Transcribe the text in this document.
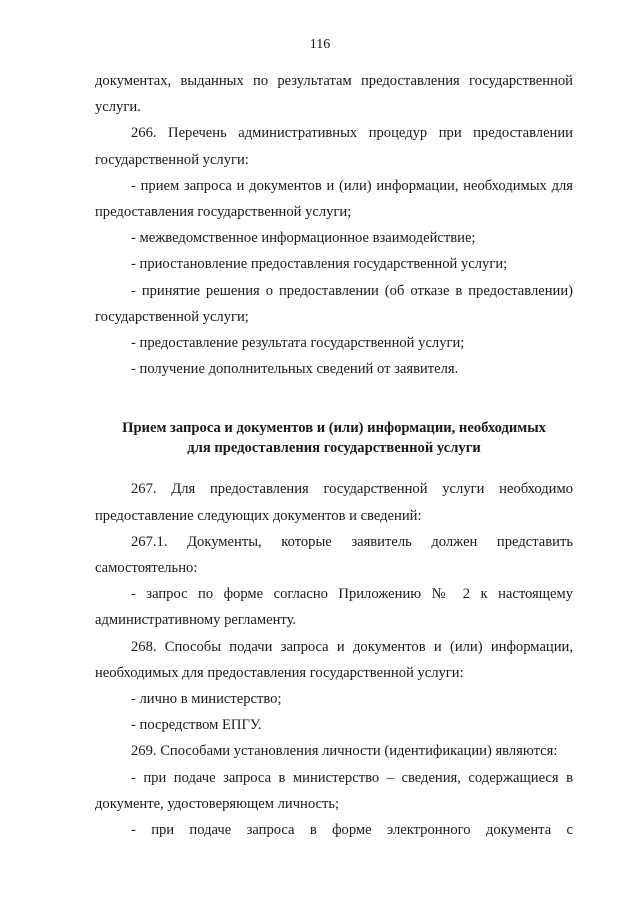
116

документах, выданных по результатам предоставления государственной услуги.

266. Перечень административных процедур при предоставлении государственной услуги:

- прием запроса и документов и (или) информации, необходимых для предоставления государственной услуги;

- межведомственное информационное взаимодействие;

- приостановление предоставления государственной услуги;

- принятие решения о предоставлении (об отказе в предоставлении) государственной услуги;

- предоставление результата государственной услуги;

- получение дополнительных сведений от заявителя.

Прием запроса и документов и (или) информации, необходимых
для предоставления государственной услуги

267. Для предоставления государственной услуги необходимо предоставление следующих документов и сведений:

267.1. Документы, которые заявитель должен представить самостоятельно:

- запрос по форме согласно Приложению № 2 к настоящему административному регламенту.

268. Способы подачи запроса и документов и (или) информации, необходимых для предоставления государственной услуги:

- лично в министерство;

- посредством ЕПГУ.

269. Способами установления личности (идентификации) являются:

- при подаче запроса в министерство – сведения, содержащиеся в документе, удостоверяющем личность;

- при подаче запроса в форме электронного документа с
